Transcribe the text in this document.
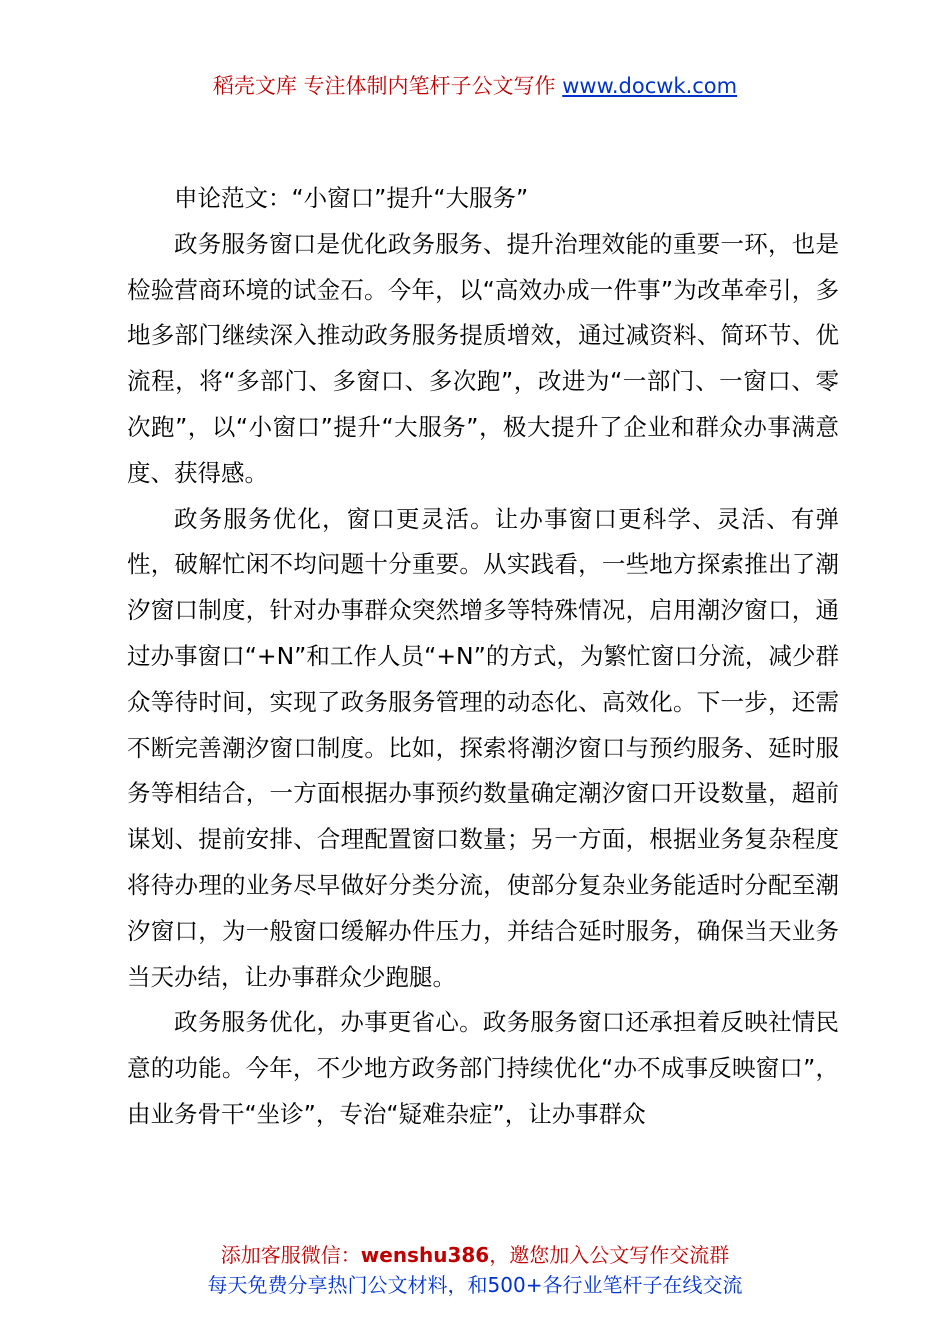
稻壳文库 专注体制内笔杆子公文写作 www.docwk.com

申论范文：“小窗口”提升“大服务”

政务服务窗口是优化政务服务、提升治理效能的重要一环，也是检验营商环境的试金石。今年，以“高效办成一件事”为改革牵引，多地多部门继续深入推动政务服务提质增效，通过减资料、简环节、优流程，将“多部门、多窗口、多次跑”，改进为“一部门、一窗口、零次跑”，以“小窗口”提升“大服务”，极大提升了企业和群众办事满意度、获得感。

政务服务优化，窗口更灵活。让办事窗口更科学、灵活、有弹性，破解忙闲不均问题十分重要。从实践看，一些地方探索推出了潮汐窗口制度，针对办事群众突然增多等特殊情况，启用潮汐窗口，通过办事窗口“+N”和工作人员“+N”的方式，为繁忙窗口分流，减少群众等待时间，实现了政务服务管理的动态化、高效化。下一步，还需不断完善潮汐窗口制度。比如，探索将潮汐窗口与预约服务、延时服务等相结合，一方面根据办事预约数量确定潮汐窗口开设数量，超前谋划、提前安排、合理配置窗口数量；另一方面，根据业务复杂程度将待办理的业务尽早做好分类分流，使部分复杂业务能适时分配至潮汐窗口，为一般窗口缓解办件压力，并结合延时服务，确保当天业务当天办结，让办事群众少跑腿。

政务服务优化，办事更省心。政务服务窗口还承担着反映社情民意的功能。今年，不少地方政务部门持续优化“办不成事反映窗口”，由业务骨干“坐诊”，专治“疑难杂症”，让办事群众

添加客服微信：wenshu386，邀您加入公文写作交流群
每天免费分享热门公文材料，和500+各行业笔杆子在线交流
